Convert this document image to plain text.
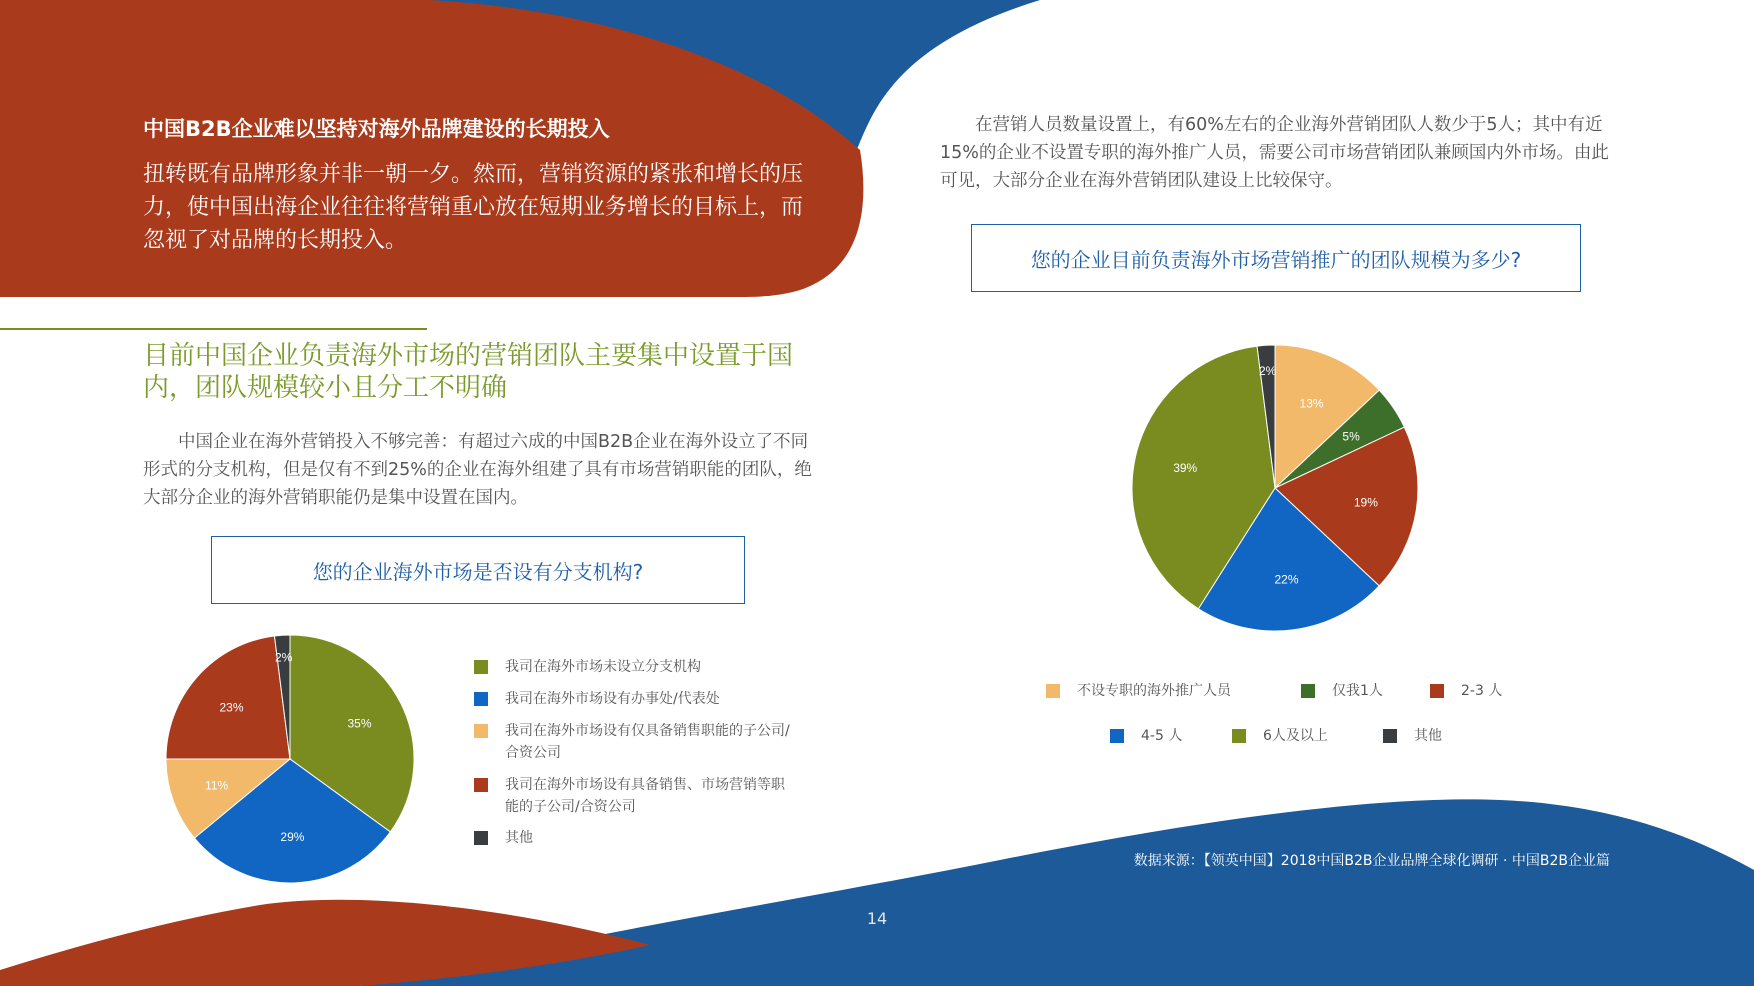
中国B2B企业难以坚持对海外品牌建设的长期投入
扭转既有品牌形象并非一朝一夕。然而，营销资源的紧张和增长的压力，使中国出海企业往往将营销重心放在短期业务增长的目标上，而忽视了对品牌的长期投入。
目前中国企业负责海外市场的营销团队主要集中设置于国内，团队规模较小且分工不明确
中国企业在海外营销投入不够完善：有超过六成的中国B2B企业在海外设立了不同形式的分支机构，但是仅有不到25%的企业在海外组建了具有市场营销职能的团队，绝大部分企业的海外营销职能仍是集中设置在国内。
您的企业海外市场是否设有分支机构?
35%
29%
11%
23%
2%
我司在海外市场未设立分支机构
我司在海外市场设有办事处/代表处
我司在海外市场设有仅具备销售职能的子公司/合资公司
我司在海外市场设有具备销售、市场营销等职能的子公司/合资公司
其他
在营销人员数量设置上，有60%左右的企业海外营销团队人数少于5人；其中有近15%的企业不设置专职的海外推广人员，需要公司市场营销团队兼顾国内外市场。由此可见，大部分企业在海外营销团队建设上比较保守。
您的企业目前负责海外市场营销推广的团队规模为多少?
13%
5%
19%
22%
39%
2%
不设专职的海外推广人员	仅我1人	2-3 人
4-5 人	6人及以上	其他
数据来源：【领英中国】2018中国B2B企业品牌全球化调研 · 中国B2B企业篇
14
